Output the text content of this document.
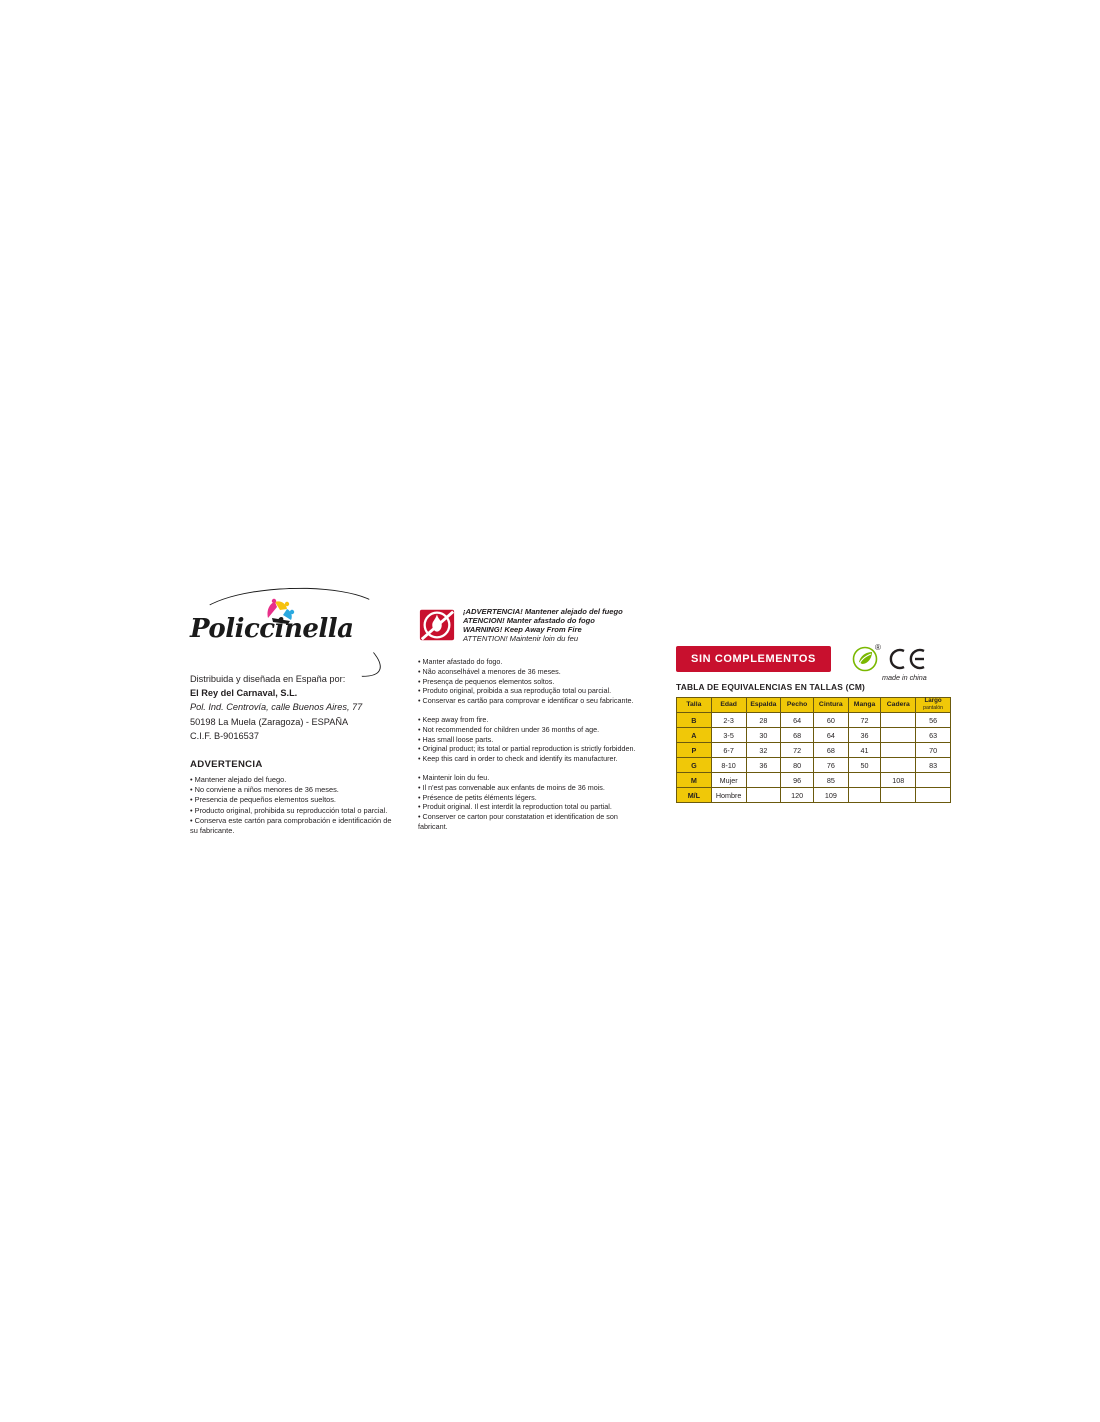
Policcinella
Distribuida y diseñada en España por:
El Rey del Carnaval, S.L.
Pol. Ind. Centrovía, calle Buenos Aires, 77
50198 La Muela (Zaragoza) - ESPAÑA
C.I.F. B-9016537
ADVERTENCIA
• Mantener alejado del fuego.
• No conviene a niños menores de 36 meses.
• Presencia de pequeños elementos sueltos.
• Producto original, prohibida su reproducción total o parcial.
• Conserva este cartón para comprobación e identificación de su fabricante.
¡ADVERTENCIA! Mantener alejado del fuego
ATENCION! Manter afastado do fogo
WARNING! Keep Away From Fire
ATTENTION! Maintenir loin du feu
• Manter afastado do fogo.
• Não aconselhável a menores de 36 meses.
• Presença de pequenos elementos soltos.
• Produto original, proibida a sua reprodução total ou parcial.
• Conservar es cartão para comprovar e identificar o seu fabricante.
• Keep away from fire.
• Not recommended for children under 36 months of age.
• Has small loose parts.
• Original product; its total or partial reproduction is strictly forbidden.
• Keep this card in order to check and identify its manufacturer.
• Maintenir loin du feu.
• Il n'est pas convenable aux enfants de moins de 36 mois.
• Présence de petits éléments légers.
• Produit original. Il est interdit la reproduction total ou partial.
• Conserver ce carton pour constatation et identification de son fabricant.
SIN COMPLEMENTOS
®
made in china
TABLA DE EQUIVALENCIAS EN TALLAS (CM)
Talla	Edad	Espalda	Pecho	Cintura	Manga	Cadera	Largo
pantalón

B	2-3	28	64	60	72		56
A	3-5	30	68	64	36		63
P	6-7	32	72	68	41		70
G	8-10	36	80	76	50		83
M	Mujer		96	85		108	
M/L	Hombre		120	109			
